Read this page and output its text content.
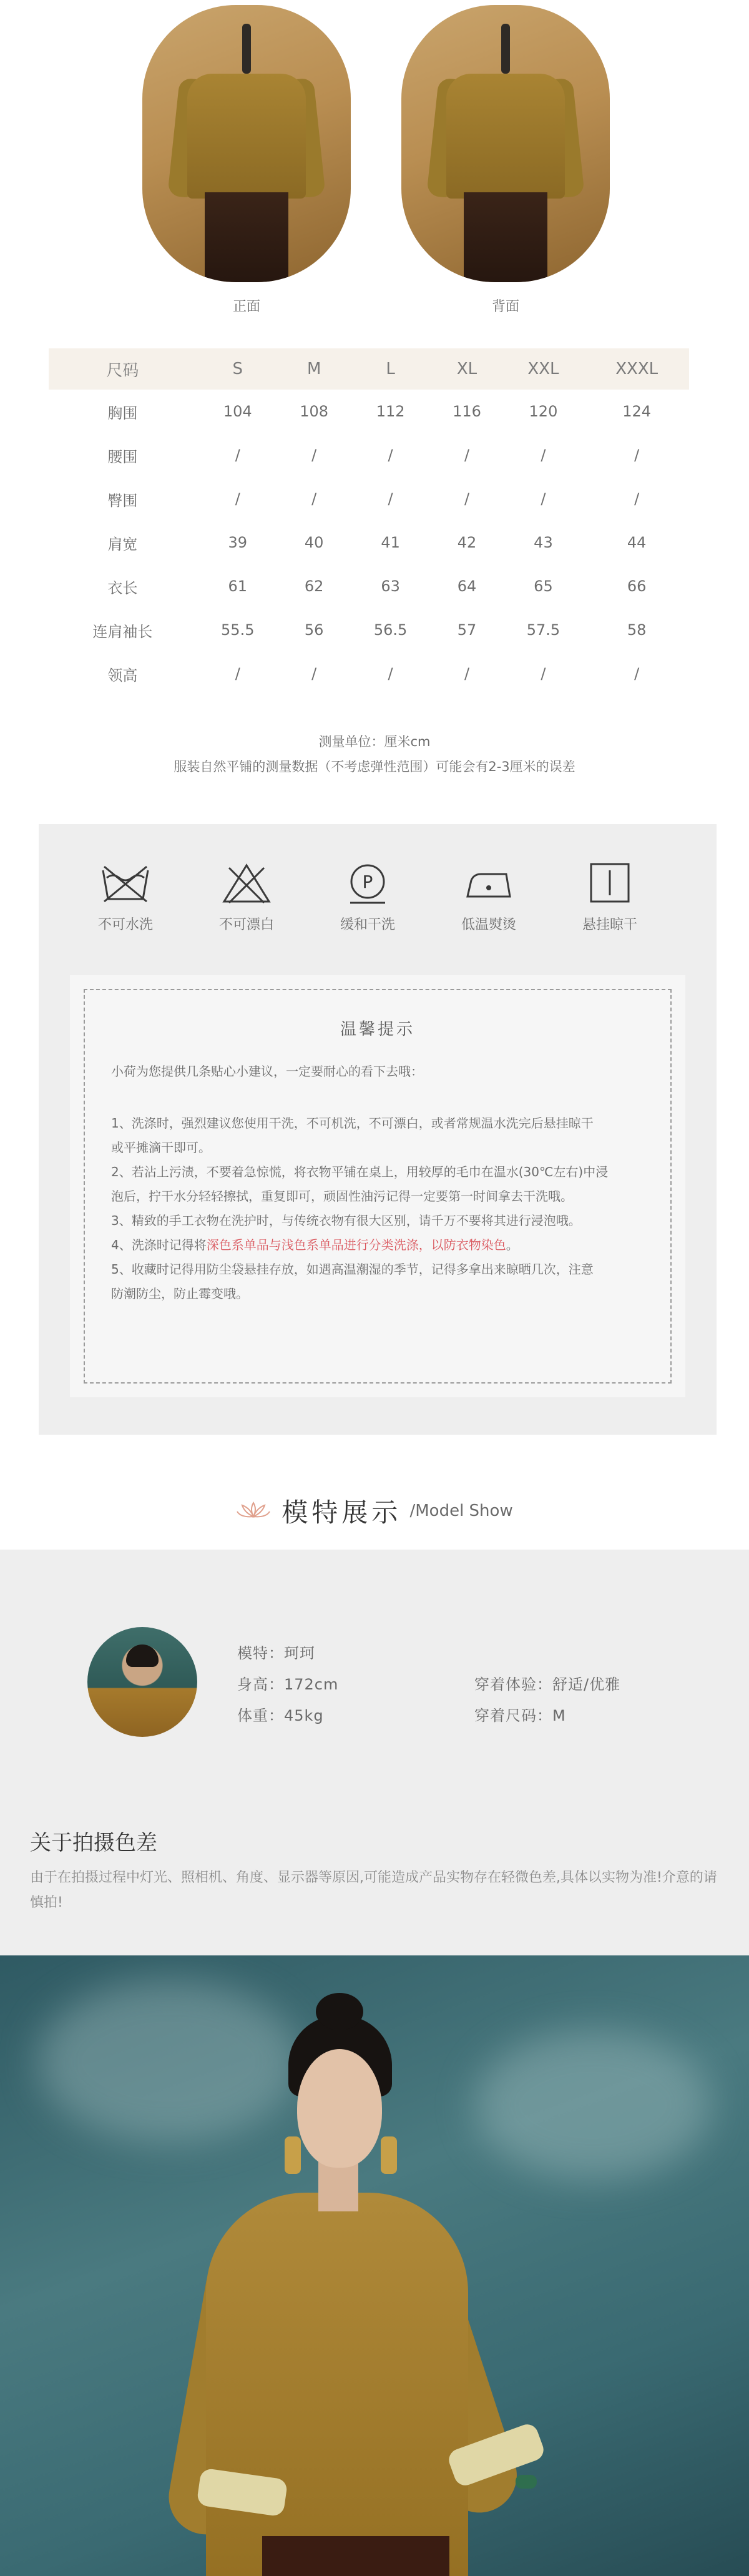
正面	背面
尺码	S	M	L	XL	XXL	XXXL
胸围	104	108	112	116	120	124
腰围	/	/	/	/	/	/
臀围	/	/	/	/	/	/
肩宽	39	40	41	42	43	44
衣长	61	62	63	64	65	66
连肩袖长	55.5	56	56.5	57	57.5	58
领高	/	/	/	/	/	/
测量单位：厘米cm
服装自然平铺的测量数据（不考虑弹性范围）可能会有2-3厘米的误差
不可水洗	不可漂白
P
缓和干洗	低温熨烫	悬挂晾干
温馨提示
小荷为您提供几条贴心小建议，一定要耐心的看下去哦：
1、洗涤时，强烈建议您使用干洗，不可机洗，不可漂白，或者常规温水洗完后悬挂晾干
或平摊滴干即可。
2、若沾上污渍，不要着急惊慌，将衣物平铺在桌上，用较厚的毛巾在温水(30℃左右)中浸
泡后，拧干水分轻轻擦拭，重复即可，顽固性油污记得一定要第一时间拿去干洗哦。
3、精致的手工衣物在洗护时，与传统衣物有很大区别，请千万不要将其进行浸泡哦。
4、洗涤时记得将深色系单品与浅色系单品进行分类洗涤，以防衣物染色。
5、收藏时记得用防尘袋悬挂存放，如遇高温潮湿的季节，记得多拿出来晾晒几次，注意
防潮防尘，防止霉变哦。
模特展示 /Model Show
模特：珂珂
身高：172cm
体重：45kg
穿着体验：舒适/优雅
穿着尺码：M
关于拍摄色差
由于在拍摄过程中灯光、照相机、角度、显示器等原因,可能造成产品实物存在轻微色差,具体以实物为准!介意的请慎拍!
